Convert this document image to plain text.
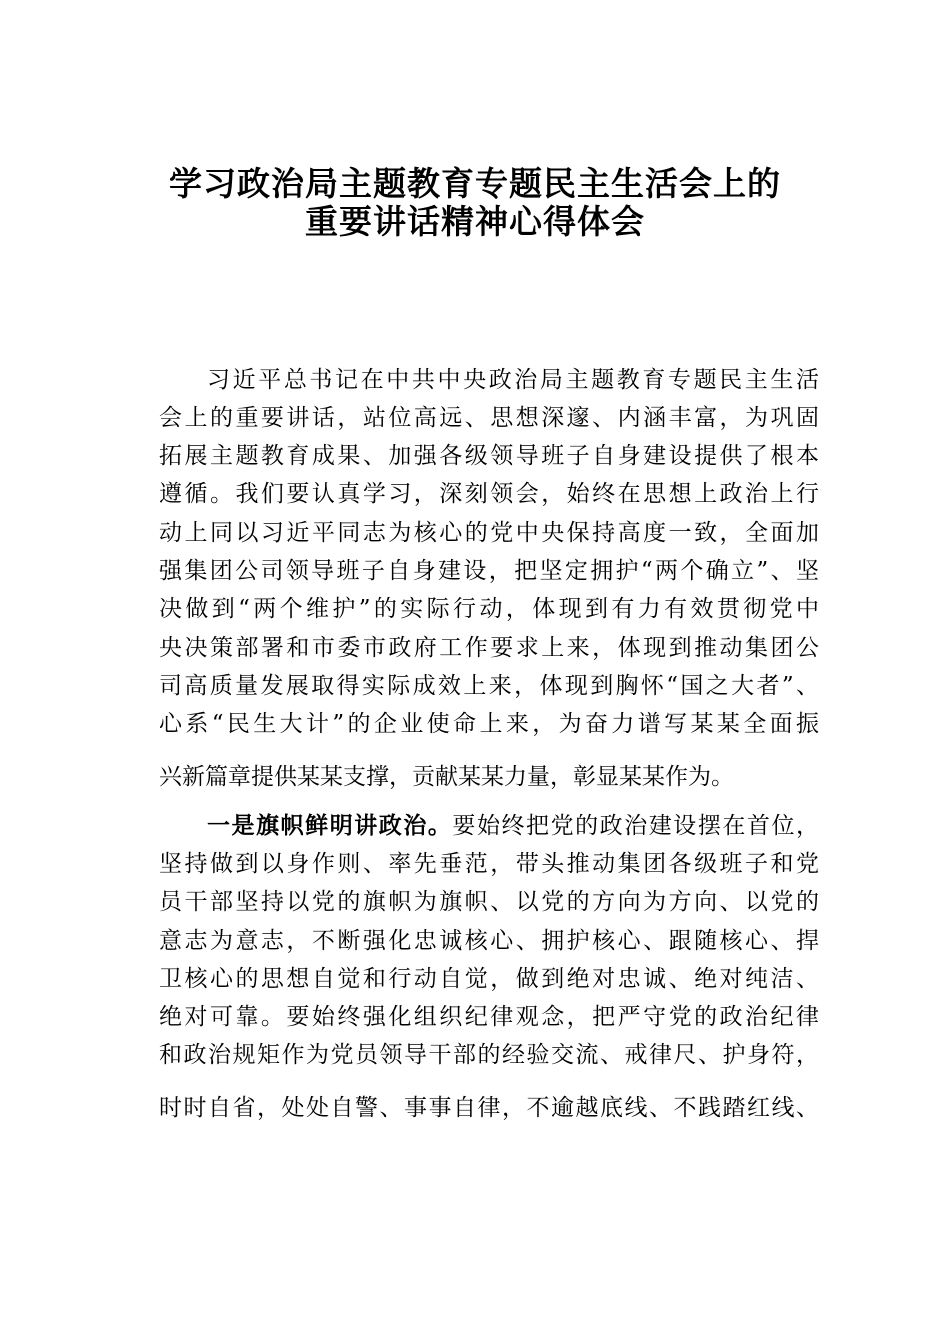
学习政治局主题教育专题民主生活会上的
重要讲话精神心得体会
习近平总书记在中共中央政治局主题教育专题民主生活
会上的重要讲话，站位高远、思想深邃、内涵丰富，为巩固
拓展主题教育成果、加强各级领导班子自身建设提供了根本
遵循。我们要认真学习，深刻领会，始终在思想上政治上行
动上同以习近平同志为核心的党中央保持高度一致，全面加
强集团公司领导班子自身建设，把坚定拥护“两个确立”、坚
决做到“两个维护”的实际行动，体现到有力有效贯彻党中
央决策部署和市委市政府工作要求上来，体现到推动集团公
司高质量发展取得实际成效上来，体现到胸怀“国之大者”、
心系“民生大计”的企业使命上来，为奋力谱写某某全面振
兴新篇章提供某某支撑，贡献某某力量，彰显某某作为。
一是旗帜鲜明讲政治。要始终把党的政治建设摆在首位，
坚持做到以身作则、率先垂范，带头推动集团各级班子和党
员干部坚持以党的旗帜为旗帜、以党的方向为方向、以党的
意志为意志，不断强化忠诚核心、拥护核心、跟随核心、捍
卫核心的思想自觉和行动自觉，做到绝对忠诚、绝对纯洁、
绝对可靠。要始终强化组织纪律观念，把严守党的政治纪律
和政治规矩作为党员领导干部的经验交流、戒律尺、护身符，
时时自省，处处自警、事事自律，不逾越底线、不践踏红线、
